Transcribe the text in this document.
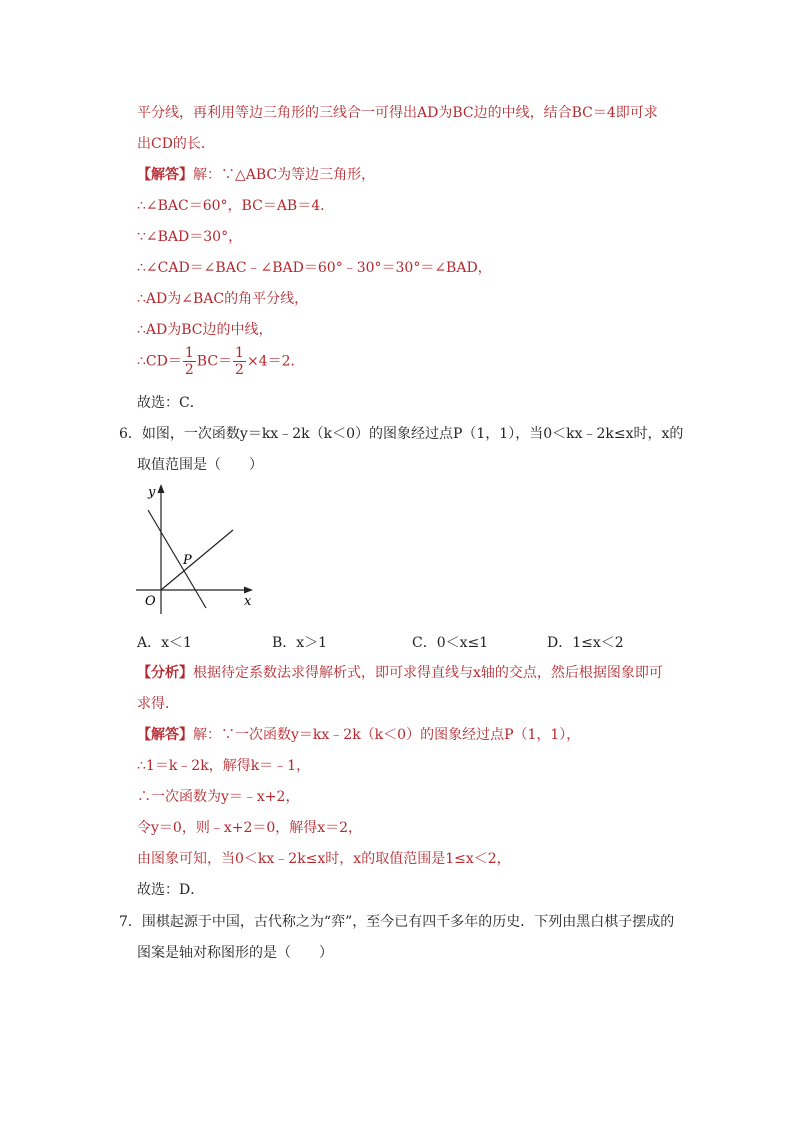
平分线，再利用等边三角形的三线合一可得出AD为BC边的中线，结合BC＝4即可求
出CD的长．
【解答】解：∵△ABC为等边三角形，
∴∠BAC＝60°，BC＝AB＝4．
∵∠BAD＝30°，
∴∠CAD＝∠BAC﹣∠BAD＝60°﹣30°＝30°＝∠BAD，
∴AD为∠BAC的角平分线，
∴AD为BC边的中线，
∴CD＝ $\frac{1}{2} BC= \frac{1}{2} \times 4=2$．
故选：C．
6．如图，一次函数y＝kx﹣2k（k＜0）的图象经过点P（1，1），当0＜kx﹣2k≤x时，x的
取值范围是（　　）
y
x
O
P
A．x＜1	B．x＞1	C．0＜x≤1	D．1≤x＜2
【分析】根据待定系数法求得解析式，即可求得直线与x轴的交点，然后根据图象即可
求得．
【解答】解：∵一次函数y＝kx﹣2k（k＜0）的图象经过点P（1，1），
∴1＝k﹣2k，解得k＝﹣1，
∴一次函数为y＝﹣x+2，
令y＝0，则﹣x+2＝0，解得x＝2，
由图象可知，当0＜kx﹣2k≤x时，x的取值范围是1≤x＜2，
故选：D．
7．围棋起源于中国，古代称之为“弈”，至今已有四千多年的历史．下列由黑白棋子摆成的
图案是轴对称图形的是（　　）
